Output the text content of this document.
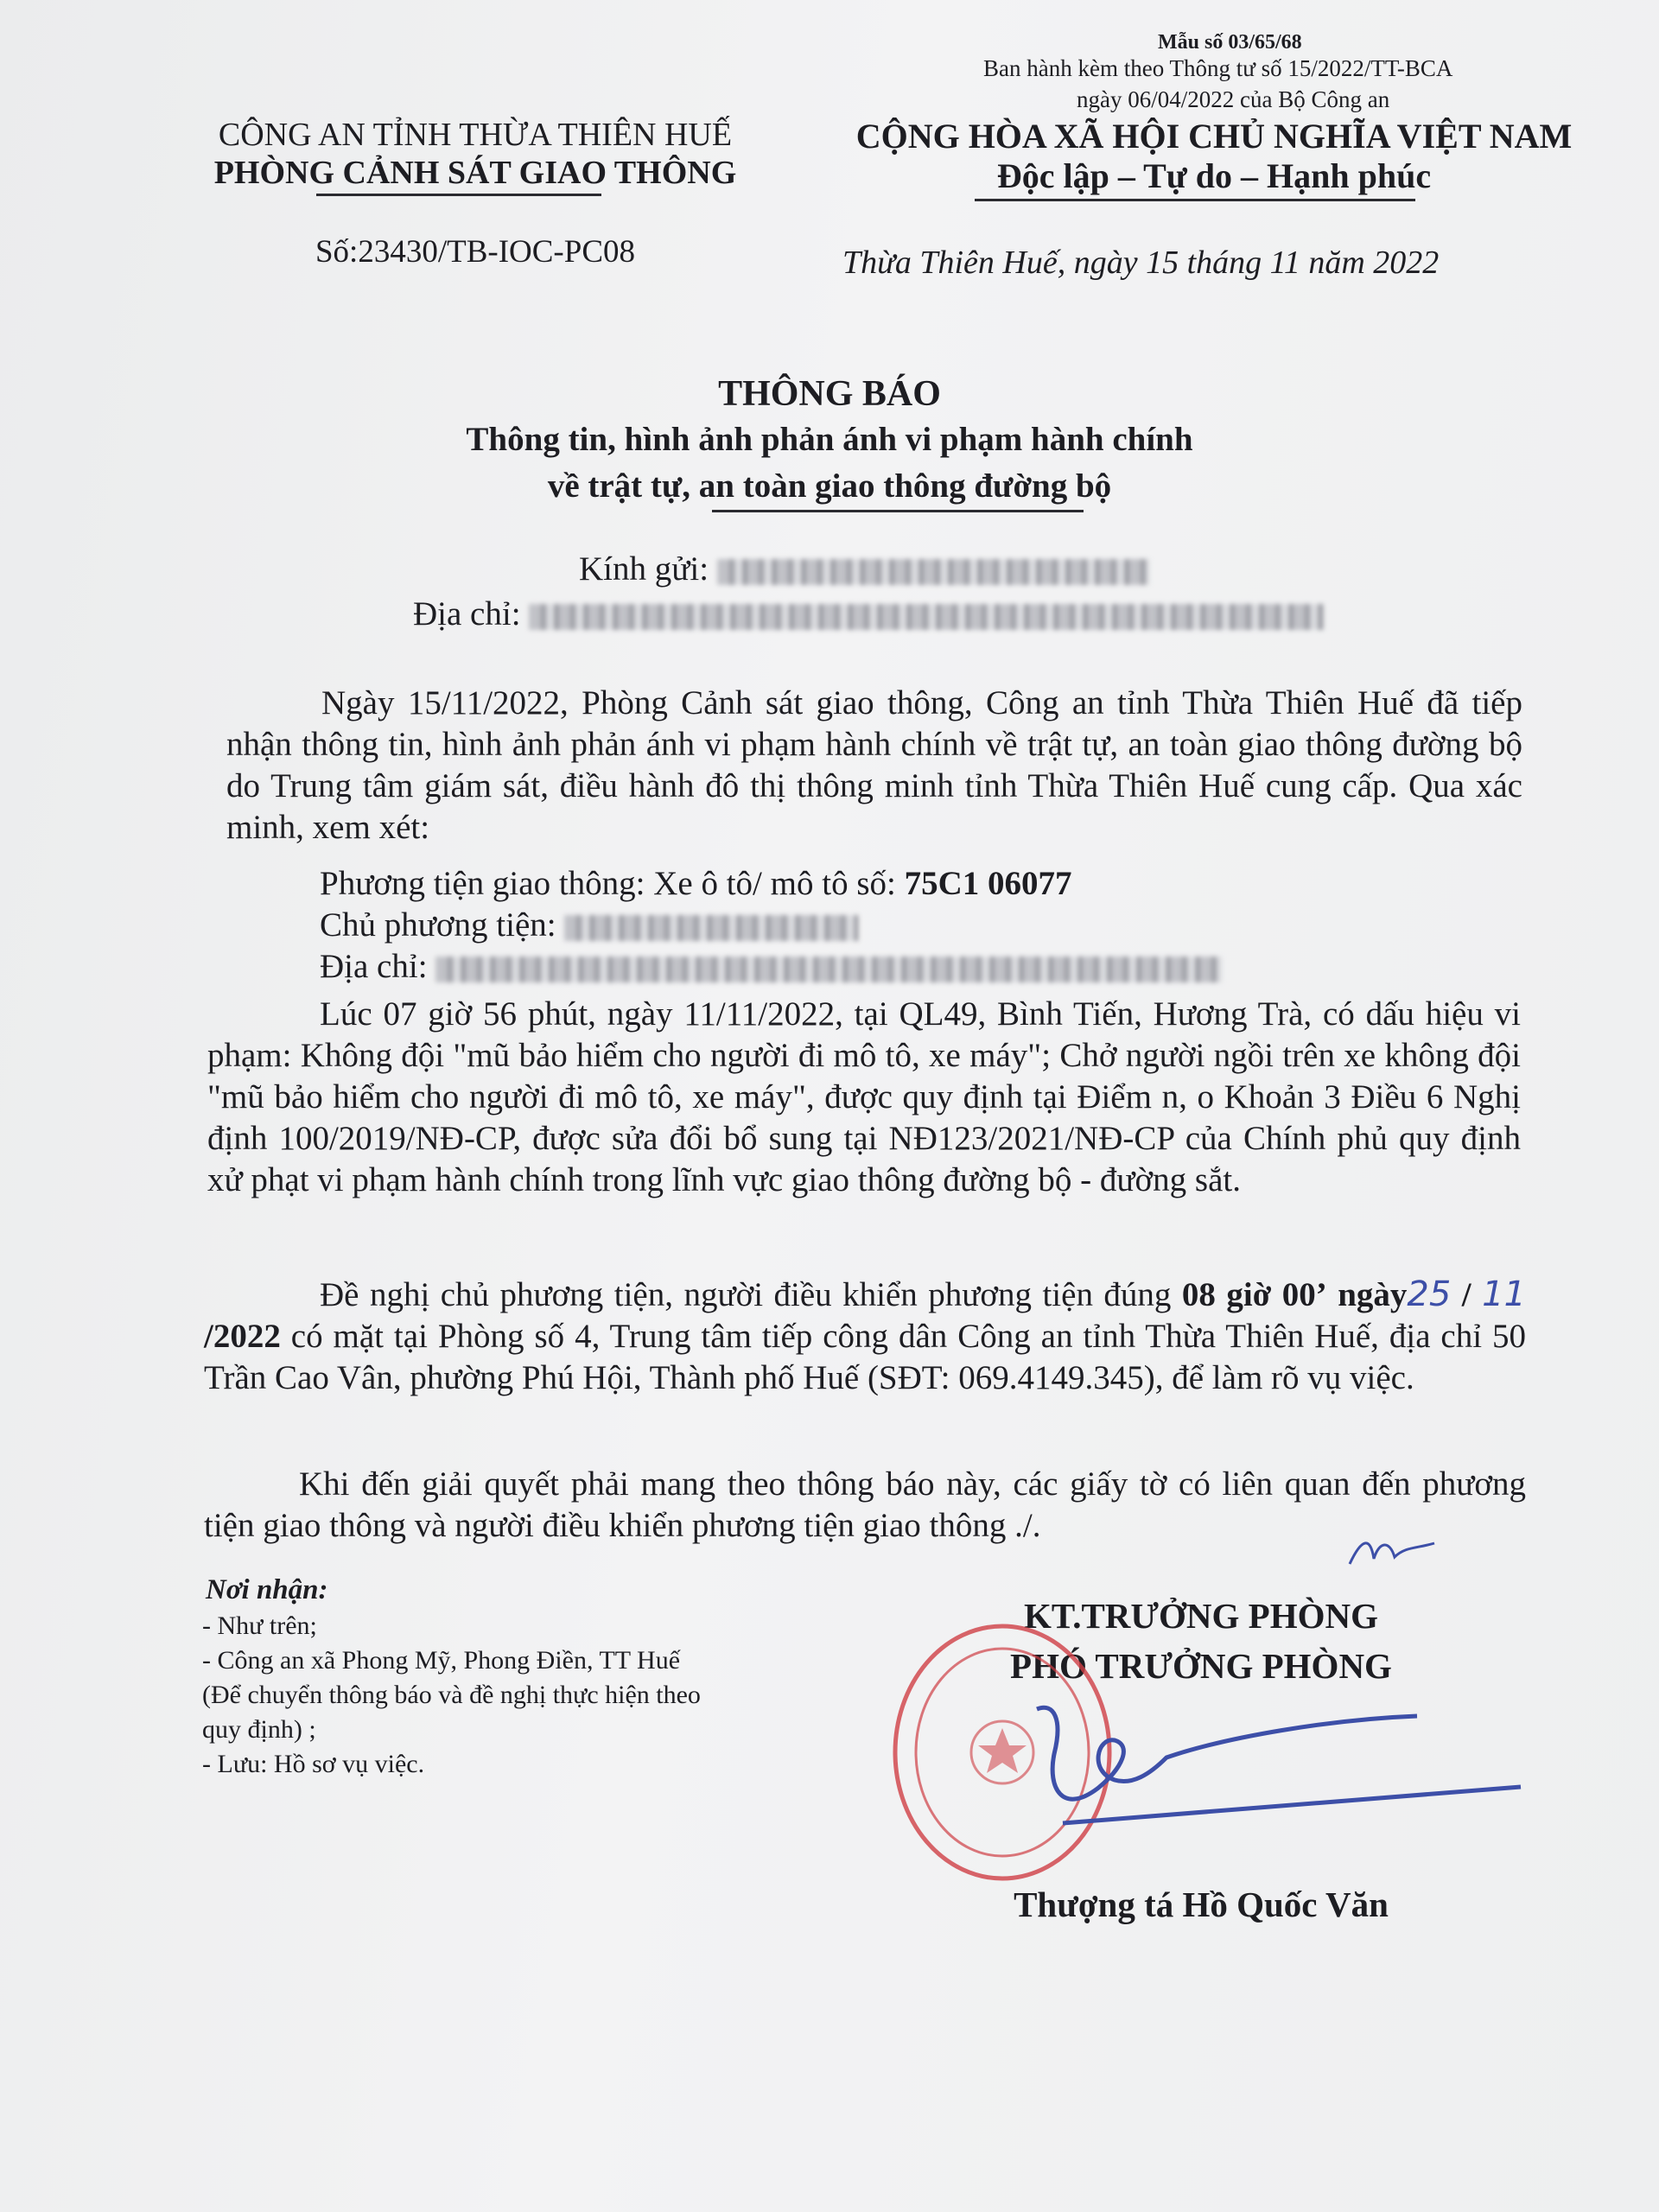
Mẫu số 03/65/68
Ban hành kèm theo Thông tư số 15/2022/TT-BCA
ngày 06/04/2022 của Bộ Công an
CÔNG AN TỈNH THỪA THIÊN HUẾ
PHÒNG CẢNH SÁT GIAO THÔNG
Số:23430/TB-IOC-PC08
CỘNG HÒA XÃ HỘI CHỦ NGHĨA VIỆT NAM
Độc lập – Tự do – Hạnh phúc
Thừa Thiên Huế, ngày 15 tháng 11 năm 2022
THÔNG BÁO
Thông tin, hình ảnh phản ánh vi phạm hành chính
về trật tự, an toàn giao thông đường bộ
Kính gửi:
Địa chỉ:
Ngày 15/11/2022, Phòng Cảnh sát giao thông, Công an tỉnh Thừa Thiên Huế đã tiếp nhận thông tin, hình ảnh phản ánh vi phạm hành chính về trật tự, an toàn giao thông đường bộ do Trung tâm giám sát, điều hành đô thị thông minh tỉnh Thừa Thiên Huế cung cấp. Qua xác minh, xem xét:
Phương tiện giao thông: Xe ô tô/ mô tô số: 75C1 06077
Chủ phương tiện:
Địa chỉ:
Lúc 07 giờ 56 phút, ngày 11/11/2022, tại QL49, Bình Tiến, Hương Trà, có dấu hiệu vi phạm: Không đội "mũ bảo hiểm cho người đi mô tô, xe máy"; Chở người ngồi trên xe không đội "mũ bảo hiểm cho người đi mô tô, xe máy", được quy định tại Điểm n, o Khoản 3 Điều 6 Nghị định 100/2019/NĐ-CP, được sửa đổi bổ sung tại NĐ123/2021/NĐ-CP của Chính phủ quy định xử phạt vi phạm hành chính trong lĩnh vực giao thông đường bộ - đường sắt.
Đề nghị chủ phương tiện, người điều khiển phương tiện đúng 08 giờ 00’ ngày25 / 11 /2022 có mặt tại Phòng số 4, Trung tâm tiếp công dân Công an tỉnh Thừa Thiên Huế, địa chỉ 50 Trần Cao Vân, phường Phú Hội, Thành phố Huế (SĐT: 069.4149.345), để làm rõ vụ việc.
Khi đến giải quyết phải mang theo thông báo này, các giấy tờ có liên quan đến phương tiện giao thông và người điều khiển phương tiện giao thông ./.
Nơi nhận:
- Như trên;
- Công an xã Phong Mỹ, Phong Điền, TT Huế
(Để chuyển thông báo và đề nghị thực hiện theo
quy định) ;
- Lưu: Hồ sơ vụ việc.
KT.TRƯỞNG PHÒNG
PHÓ TRƯỞNG PHÒNG
Thượng tá Hồ Quốc Văn
